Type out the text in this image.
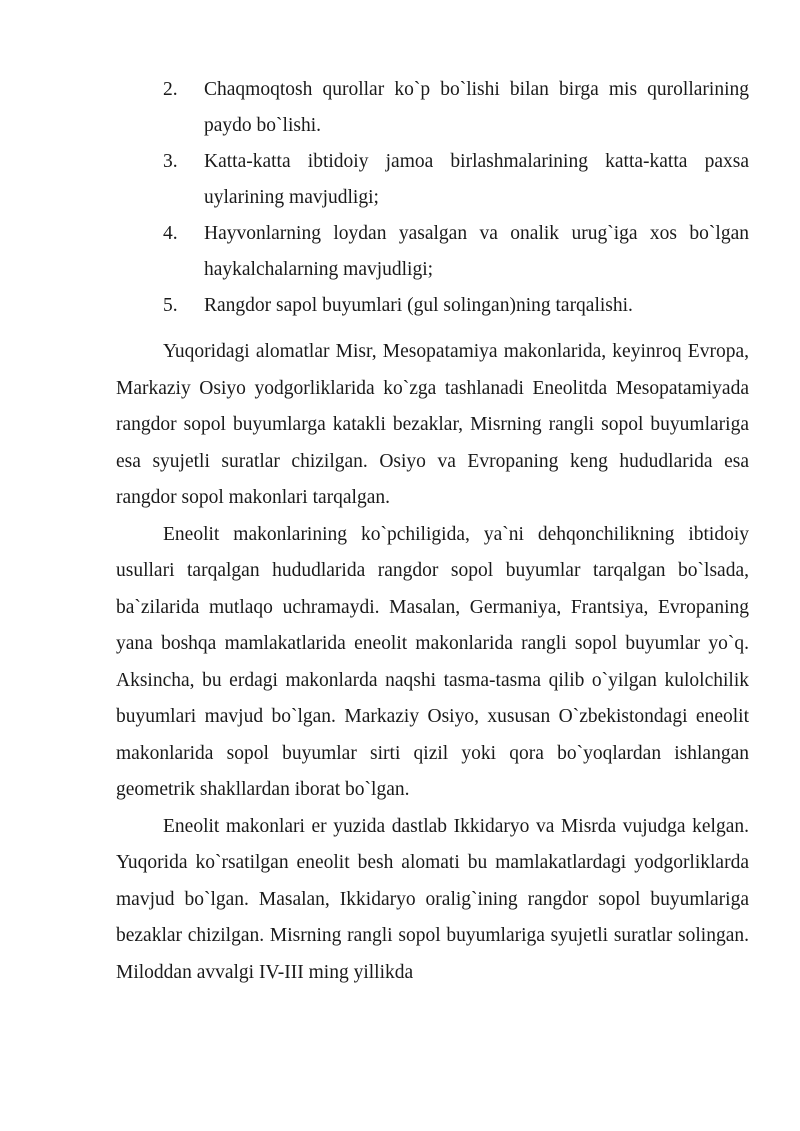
2. Chaqmoqtosh qurollar ko`p bo`lishi bilan birga mis qurollarining paydo bo`lishi.
3. Katta-katta ibtidoiy jamoa birlashmalarining katta-katta paxsa uylarining mavjudligi;
4. Hayvonlarning loydan yasalgan va onalik urug`iga xos bo`lgan haykalchalarning mavjudligi;
5. Rangdor sapol buyumlari (gul solingan)ning tarqalishi.

Yuqoridagi alomatlar Misr, Mesopatamiya makonlarida, keyinroq Evropa, Markaziy Osiyo yodgorliklarida ko`zga tashlanadi Eneolitda Mesopatamiyada rangdor sopol buyumlarga katakli bezaklar, Misrning rangli sopol buyumlariga esa syujetli suratlar chizilgan. Osiyo va Evropaning keng hududlarida esa rangdor sopol makonlari tarqalgan.

Eneolit makonlarining ko`pchiligida, ya`ni dehqonchilikning ibtidoiy usullari tarqalgan hududlarida rangdor sopol buyumlar tarqalgan bo`lsada, ba`zilarida mutlaqo uchramaydi. Masalan, Germaniya, Frantsiya, Evropaning yana boshqa mamlakatlarida eneolit makonlarida rangli sopol buyumlar yo`q. Aksincha, bu erdagi makonlarda naqshi tasma-tasma qilib o`yilgan kulolchilik buyumlari mavjud bo`lgan. Markaziy Osiyo, xususan O`zbekistondagi eneolit makonlarida sopol buyumlar sirti qizil yoki qora bo`yoqlardan ishlangan geometrik shakllardan iborat bo`lgan.

Eneolit makonlari er yuzida dastlab Ikkidaryo va Misrda vujudga kelgan. Yuqorida ko`rsatilgan eneolit besh alomati bu mamlakatlardagi yodgorliklarda mavjud bo`lgan. Masalan, Ikkidaryo oralig`ining rangdor sopol buyumlariga bezaklar chizilgan. Misrning rangli sopol buyumlariga syujetli suratlar solingan. Miloddan avvalgi IV-III ming yillikda
